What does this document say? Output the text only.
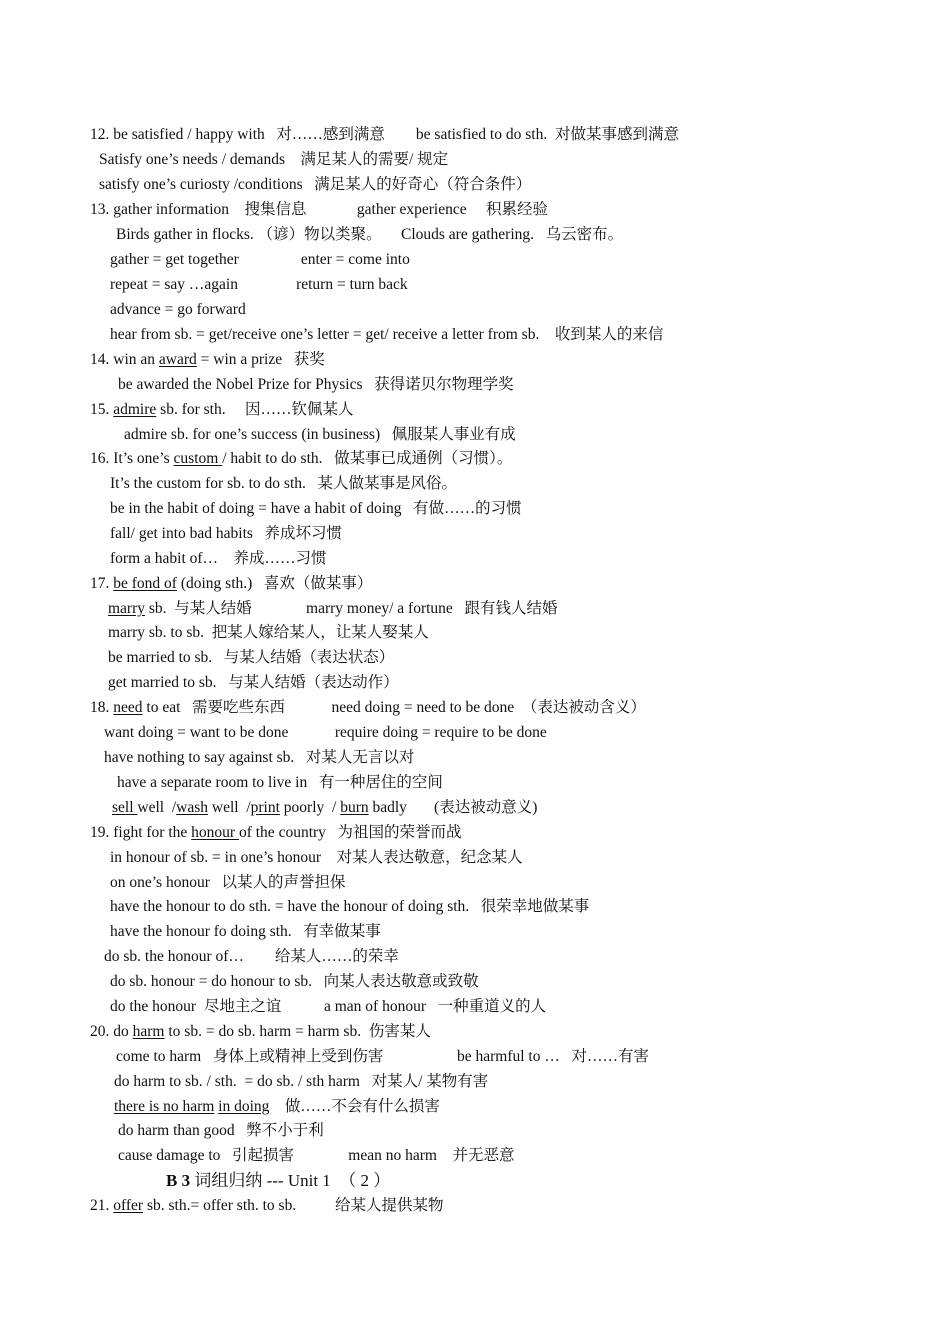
12. be satisfied / happy with   对……感到满意        be satisfied to do sth.  对做某事感到满意
Satisfy one’s needs / demands    满足某人的需要/ 规定
satisfy one’s curiosty /conditions   满足某人的好奇心（符合条件）
13. gather information    搜集信息             gather experience     积累经验
Birds gather in flocks. （谚）物以类聚。     Clouds are gathering.   乌云密布。
gather = get together                enter = come into
repeat = say …again               return = turn back
advance = go forward
hear from sb. = get/receive one’s letter = get/ receive a letter from sb.    收到某人的来信
14. win an award = win a prize   获奖
be awarded the Nobel Prize for Physics   获得诺贝尔物理学奖
15. admire sb. for sth.     因……钦佩某人
admire sb. for one’s success (in business)   佩服某人事业有成
16. It’s one’s custom / habit to do sth.   做某事已成通例（习惯）。
It’s the custom for sb. to do sth.   某人做某事是风俗。
be in the habit of doing = have a habit of doing   有做……的习惯
fall/ get into bad habits   养成坏习惯
form a habit of…    养成……习惯
17. be fond of (doing sth.)   喜欢（做某事）
marry sb.  与某人结婚              marry money/ a fortune   跟有钱人结婚
marry sb. to sb.  把某人嫁给某人，让某人娶某人
be married to sb.   与某人结婚（表达状态）
get married to sb.   与某人结婚（表达动作）
18. need to eat   需要吃些东西            need doing = need to be done  （表达被动含义）
want doing = want to be done            require doing = require to be done
have nothing to say against sb.   对某人无言以对
have a separate room to live in   有一种居住的空间
sell well  /wash well  /print poorly  / burn badly       (表达被动意义)
19. fight for the honour of the country   为祖国的荣誉而战
in honour of sb. = in one’s honour    对某人表达敬意，纪念某人
on one’s honour   以某人的声誉担保
have the honour to do sth. = have the honour of doing sth.   很荣幸地做某事
have the honour fo doing sth.   有幸做某事
do sb. the honour of…        给某人……的荣幸
do sb. honour = do honour to sb.   向某人表达敬意或致敬
do the honour  尽地主之谊           a man of honour   一种重道义的人
20. do harm to sb. = do sb. harm = harm sb.  伤害某人
come to harm   身体上或精神上受到伤害                   be harmful to …   对……有害
do harm to sb. / sth.  = do sb. / sth harm   对某人/ 某物有害
there is no harm in doing    做……不会有什么损害
do harm than good   弊不小于利
cause damage to   引起损害              mean no harm    并无恶意
B 3 词组归纳 --- Unit 1  （ 2 ）
21. offer sb. sth.= offer sth. to sb.          给某人提供某物
